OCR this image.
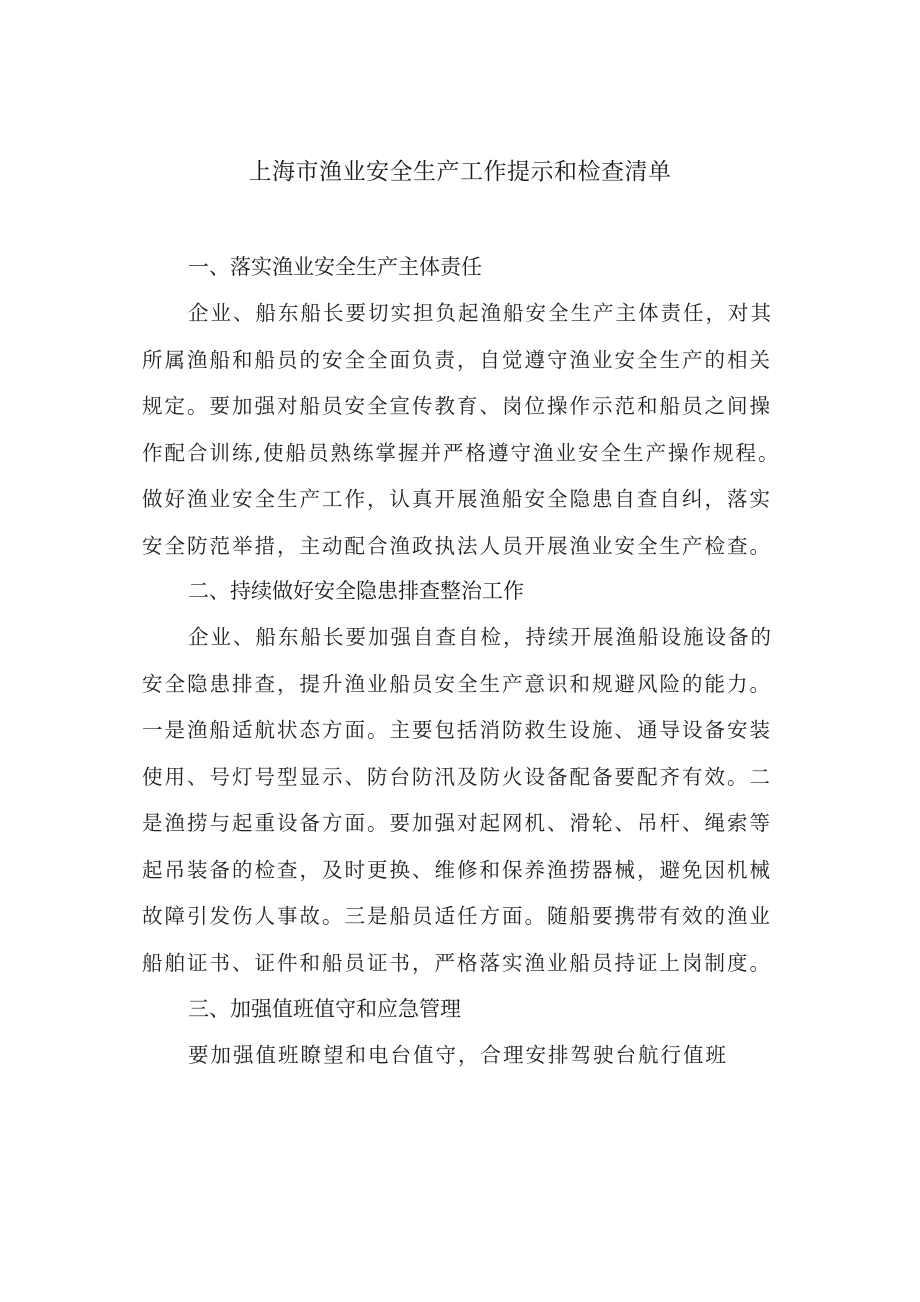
上海市渔业安全生产工作提示和检查清单
一、落实渔业安全生产主体责任
企业、船东船长要切实担负起渔船安全生产主体责任，对其
所属渔船和船员的安全全面负责，自觉遵守渔业安全生产的相关
规定。要加强对船员安全宣传教育、岗位操作示范和船员之间操
作配合训练,使船员熟练掌握并严格遵守渔业安全生产操作规程。
做好渔业安全生产工作，认真开展渔船安全隐患自查自纠，落实
安全防范举措，主动配合渔政执法人员开展渔业安全生产检查。
二、持续做好安全隐患排查整治工作
企业、船东船长要加强自查自检，持续开展渔船设施设备的
安全隐患排查，提升渔业船员安全生产意识和规避风险的能力。
一是渔船适航状态方面。主要包括消防救生设施、通导设备安装
使用、号灯号型显示、防台防汛及防火设备配备要配齐有效。二
是渔捞与起重设备方面。要加强对起网机、滑轮、吊杆、绳索等
起吊装备的检查，及时更换、维修和保养渔捞器械，避免因机械
故障引发伤人事故。三是船员适任方面。随船要携带有效的渔业
船舶证书、证件和船员证书，严格落实渔业船员持证上岗制度。
三、加强值班值守和应急管理
要加强值班瞭望和电台值守，合理安排驾驶台航行值班
